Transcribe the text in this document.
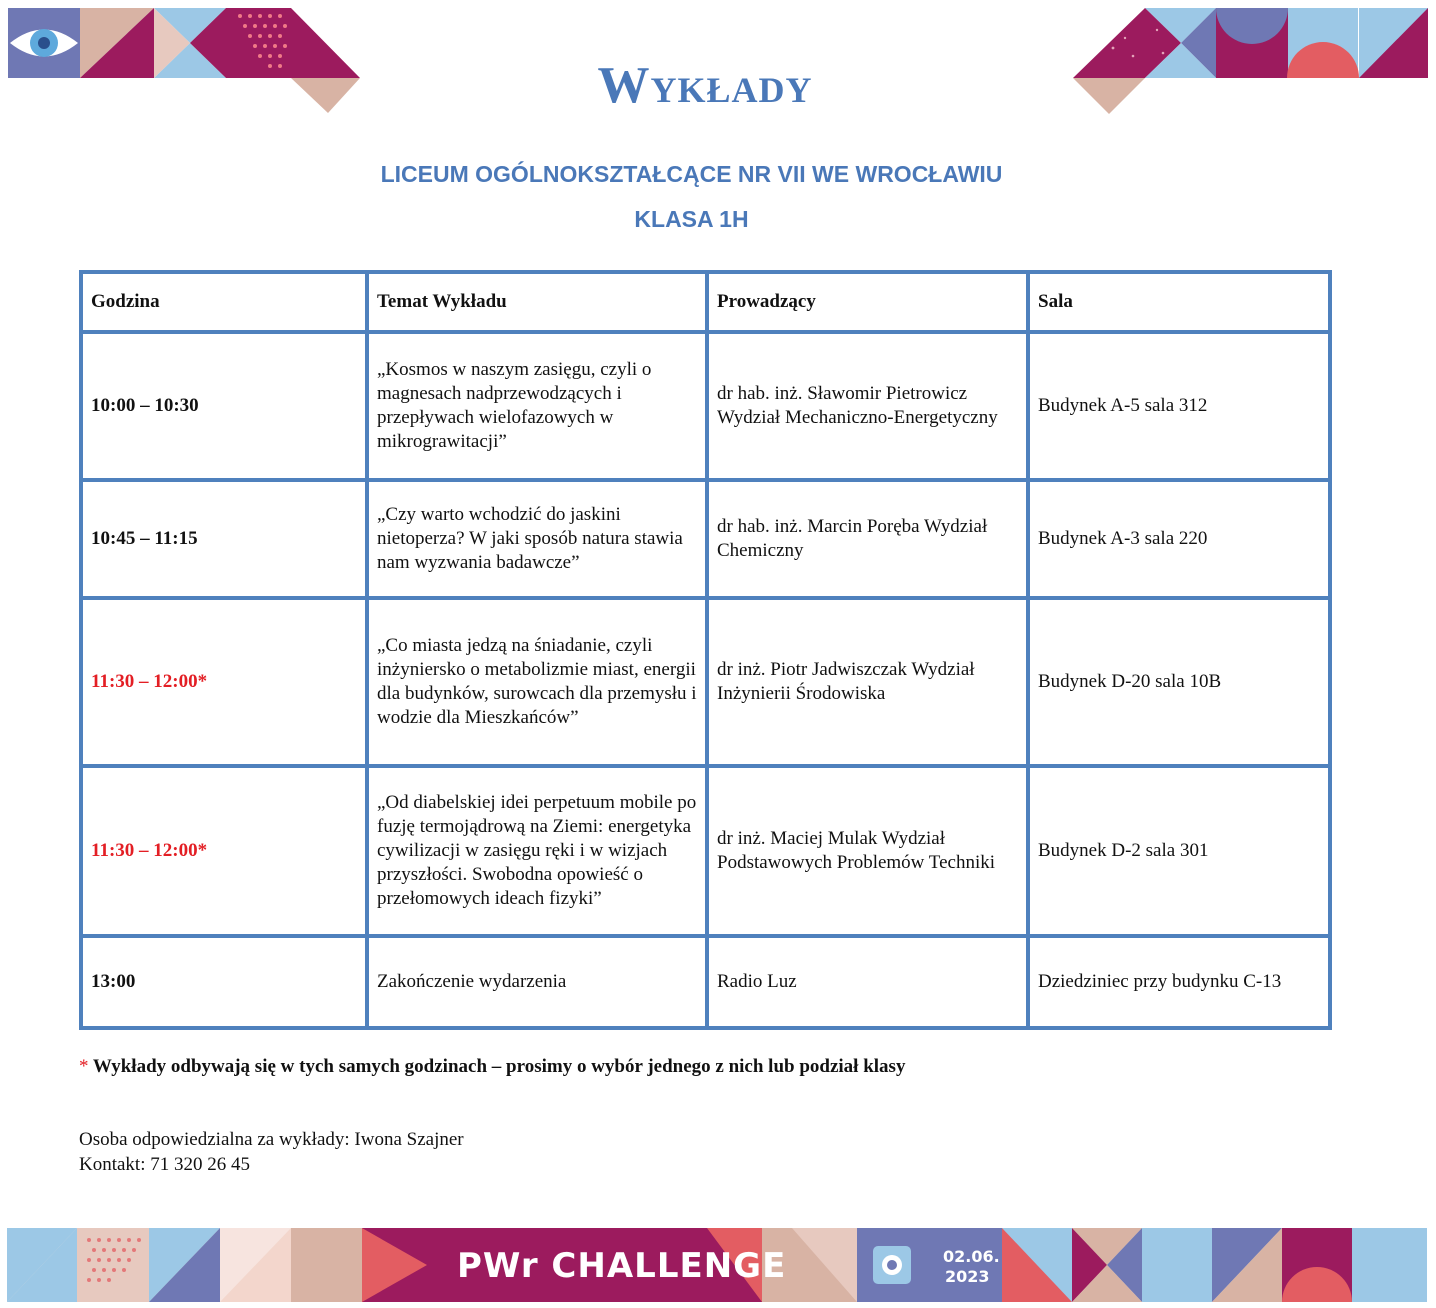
Wykłady
LICEUM OGÓLNOKSZTAŁCĄCE NR VII WE WROCŁAWIU
KLASA 1H
Godzina	Temat Wykładu	Prowadzący	Sala
10:00 – 10:30	„Kosmos w naszym zasięgu, czyli o magnesach nadprzewodzących i przepływach wielofazowych w mikrograwitacji”	dr hab. inż. Sławomir Pietrowicz Wydział Mechaniczno-Energetyczny	Budynek A-5 sala 312
10:45 – 11:15	„Czy warto wchodzić do jaskini nietoperza? W jaki sposób natura stawia nam wyzwania badawcze”	dr hab. inż. Marcin Poręba Wydział Chemiczny	Budynek A-3 sala 220
11:30 – 12:00*	„Co miasta jedzą na śniadanie, czyli inżyniersko o metabolizmie miast, energii dla budynków, surowcach dla przemysłu i wodzie dla Mieszkańców”	dr inż. Piotr Jadwiszczak Wydział Inżynierii Środowiska	Budynek D-20 sala 10B
11:30 – 12:00*	„Od diabelskiej idei perpetuum mobile po fuzję termojądrową na Ziemi: energetyka cywilizacji w zasięgu ręki i w wizjach przyszłości. Swobodna opowieść o przełomowych ideach fizyki”	dr inż. Maciej Mulak Wydział Podstawowych Problemów Techniki	Budynek D-2 sala 301
13:00	Zakończenie wydarzenia	Radio Luz	Dziedziniec przy budynku C-13
* Wykłady odbywają się w tych samych godzinach – prosimy o wybór jednego z nich lub podział klasy
Osoba odpowiedzialna za wykłady: Iwona Szajner
Kontakt: 71 320 26 45
PWr CHALLENGE	02.06.
2023
